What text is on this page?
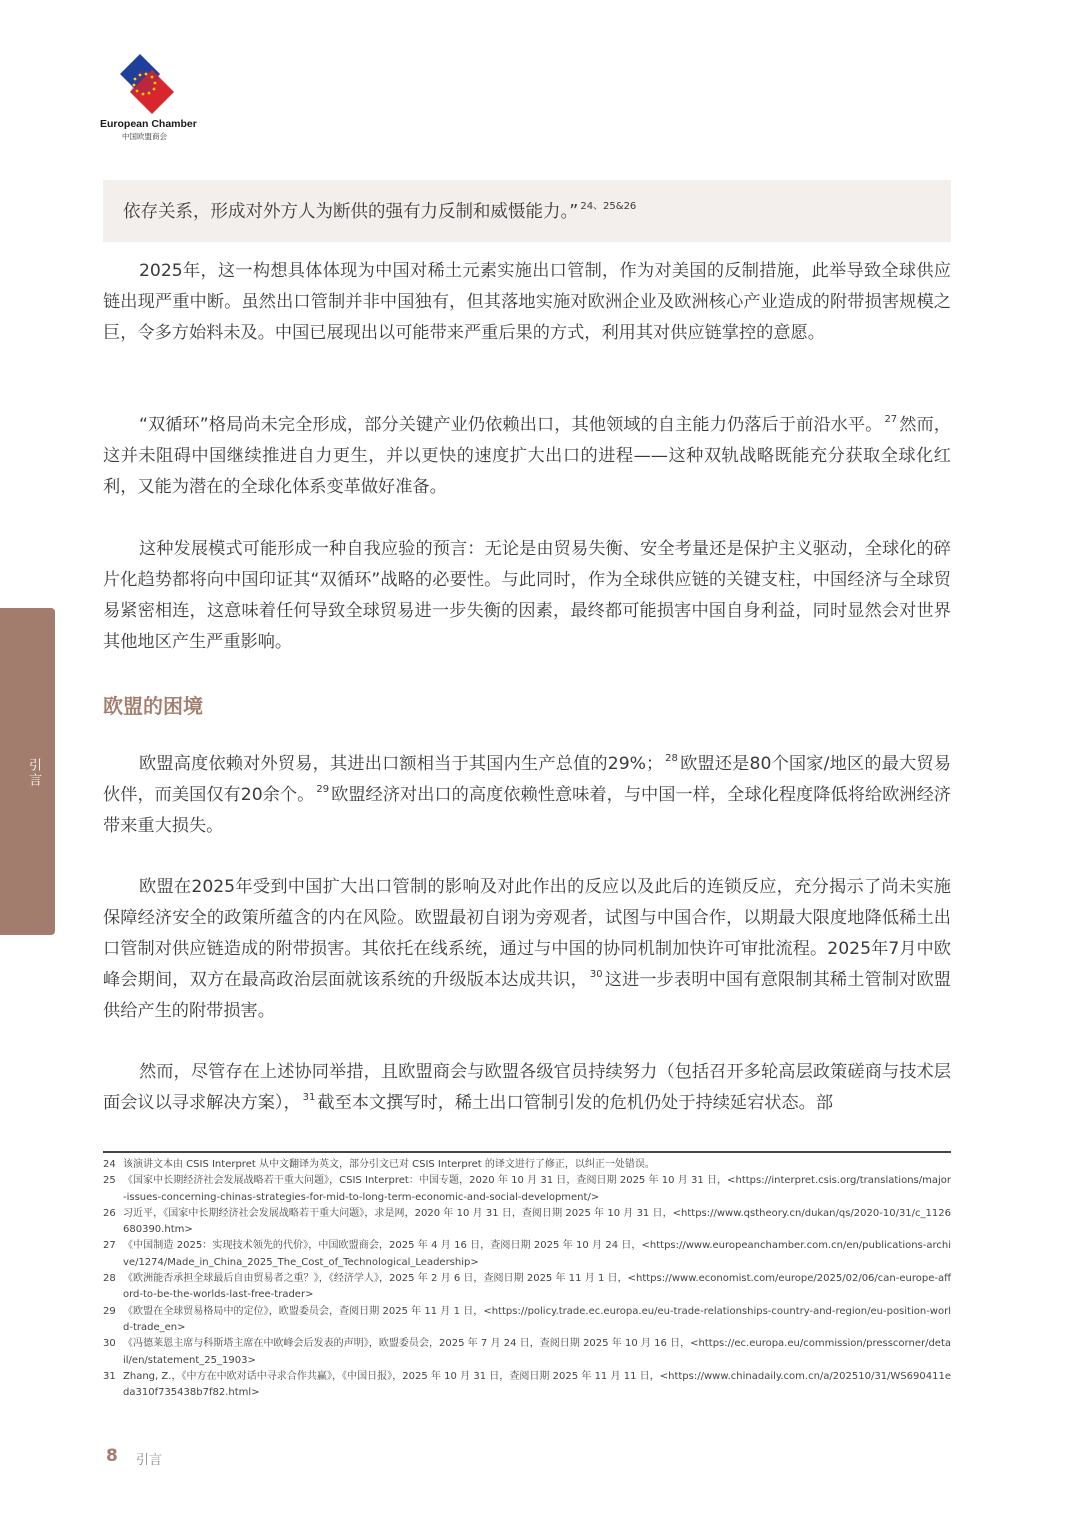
European Chamber
中国欧盟商会
依存关系，形成对外方人为断供的强有力反制和威慑能力。” $^{24、25\&26}$
引言

2025年，这一构想具体体现为中国对稀土元素实施出口管制，作为对美国的反制措施，此举导致全球供应链出现严重中断。虽然出口管制并非中国独有，但其落地实施对欧洲企业及欧洲核心产业造成的附带损害规模之巨，令多方始料未及。中国已展现出以可能带来严重后果的方式，利用其对供应链掌控的意愿。

“双循环”格局尚未完全形成，部分关键产业仍依赖出口，其他领域的自主能力仍落后于前沿水平。 $^{27}$ 然而，这并未阻碍中国继续推进自力更生，并以更快的速度扩大出口的进程——这种双轨战略既能充分获取全球化红利，又能为潜在的全球化体系变革做好准备。

这种发展模式可能形成一种自我应验的预言：无论是由贸易失衡、安全考量还是保护主义驱动，全球化的碎片化趋势都将向中国印证其“双循环”战略的必要性。与此同时，作为全球供应链的关键支柱，中国经济与全球贸易紧密相连，这意味着任何导致全球贸易进一步失衡的因素，最终都可能损害中国自身利益，同时显然会对世界其他地区产生严重影响。

欧盟的困境

欧盟高度依赖对外贸易，其进出口额相当于其国内生产总值的29%； $^{28}$ 欧盟还是80个国家/地区的最大贸易伙伴，而美国仅有20余个。 $^{29}$ 欧盟经济对出口的高度依赖性意味着，与中国一样，全球化程度降低将给欧洲经济带来重大损失。

欧盟在2025年受到中国扩大出口管制的影响及对此作出的反应以及此后的连锁反应，充分揭示了尚未实施保障经济安全的政策所蕴含的内在风险。欧盟最初自诩为旁观者，试图与中国合作，以期最大限度地降低稀土出口管制对供应链造成的附带损害。其依托在线系统，通过与中国的协同机制加快许可审批流程。2025年7月中欧峰会期间，双方在最高政治层面就该系统的升级版本达成共识， $^{30}$ 这进一步表明中国有意限制其稀土管制对欧盟供给产生的附带损害。

然而，尽管存在上述协同举措，且欧盟商会与欧盟各级官员持续努力（包括召开多轮高层政策磋商与技术层面会议以寻求解决方案）， $^{31}$ 截至本文撰写时，稀土出口管制引发的危机仍处于持续延宕状态。部

24 该演讲文本由 CSIS Interpret 从中文翻译为英文，部分引文已对 CSIS Interpret 的译文进行了修正，以纠正一处错误。
25 《国家中长期经济社会发展战略若干重大问题》，CSIS Interpret：中国专题，2020 年 10 月 31 日，查阅日期 2025 年 10 月 31 日，<https://interpret.csis.org/translations/major-issues-concerning-chinas-strategies-for-mid-to-long-term-economic-and-social-development/>
26 习近平，《国家中长期经济社会发展战略若干重大问题》，求是网，2020 年 10 月 31 日，查阅日期 2025 年 10 月 31 日，<https://www.qstheory.cn/dukan/qs/2020-10/31/c_1126680390.htm>
27 《中国制造 2025：实现技术领先的代价》，中国欧盟商会，2025 年 4 月 16 日，查阅日期 2025 年 10 月 24 日，<https://www.europeanchamber.com.cn/en/publications-archive/1274/Made_in_China_2025_The_Cost_of_Technological_Leadership>
28 《欧洲能否承担全球最后自由贸易者之重？》，《经济学人》，2025 年 2 月 6 日，查阅日期 2025 年 11 月 1 日，<https://www.economist.com/europe/2025/02/06/can-europe-afford-to-be-the-worlds-last-free-trader>
29 《欧盟在全球贸易格局中的定位》，欧盟委员会，查阅日期 2025 年 11 月 1 日，<https://policy.trade.ec.europa.eu/eu-trade-relationships-country-and-region/eu-position-world-trade_en>
30 《冯德莱恩主席与科斯塔主席在中欧峰会后发表的声明》，欧盟委员会，2025 年 7 月 24 日，查阅日期 2025 年 10 月 16 日，<https://ec.europa.eu/commission/presscorner/detail/en/statement_25_1903>
31 Zhang, Z.，《中方在中欧对话中寻求合作共赢》，《中国日报》，2025 年 10 月 31 日，查阅日期 2025 年 11 月 11 日，<https://www.chinadaily.com.cn/a/202510/31/WS690411eda310f735438b7f82.html>
8 引言
